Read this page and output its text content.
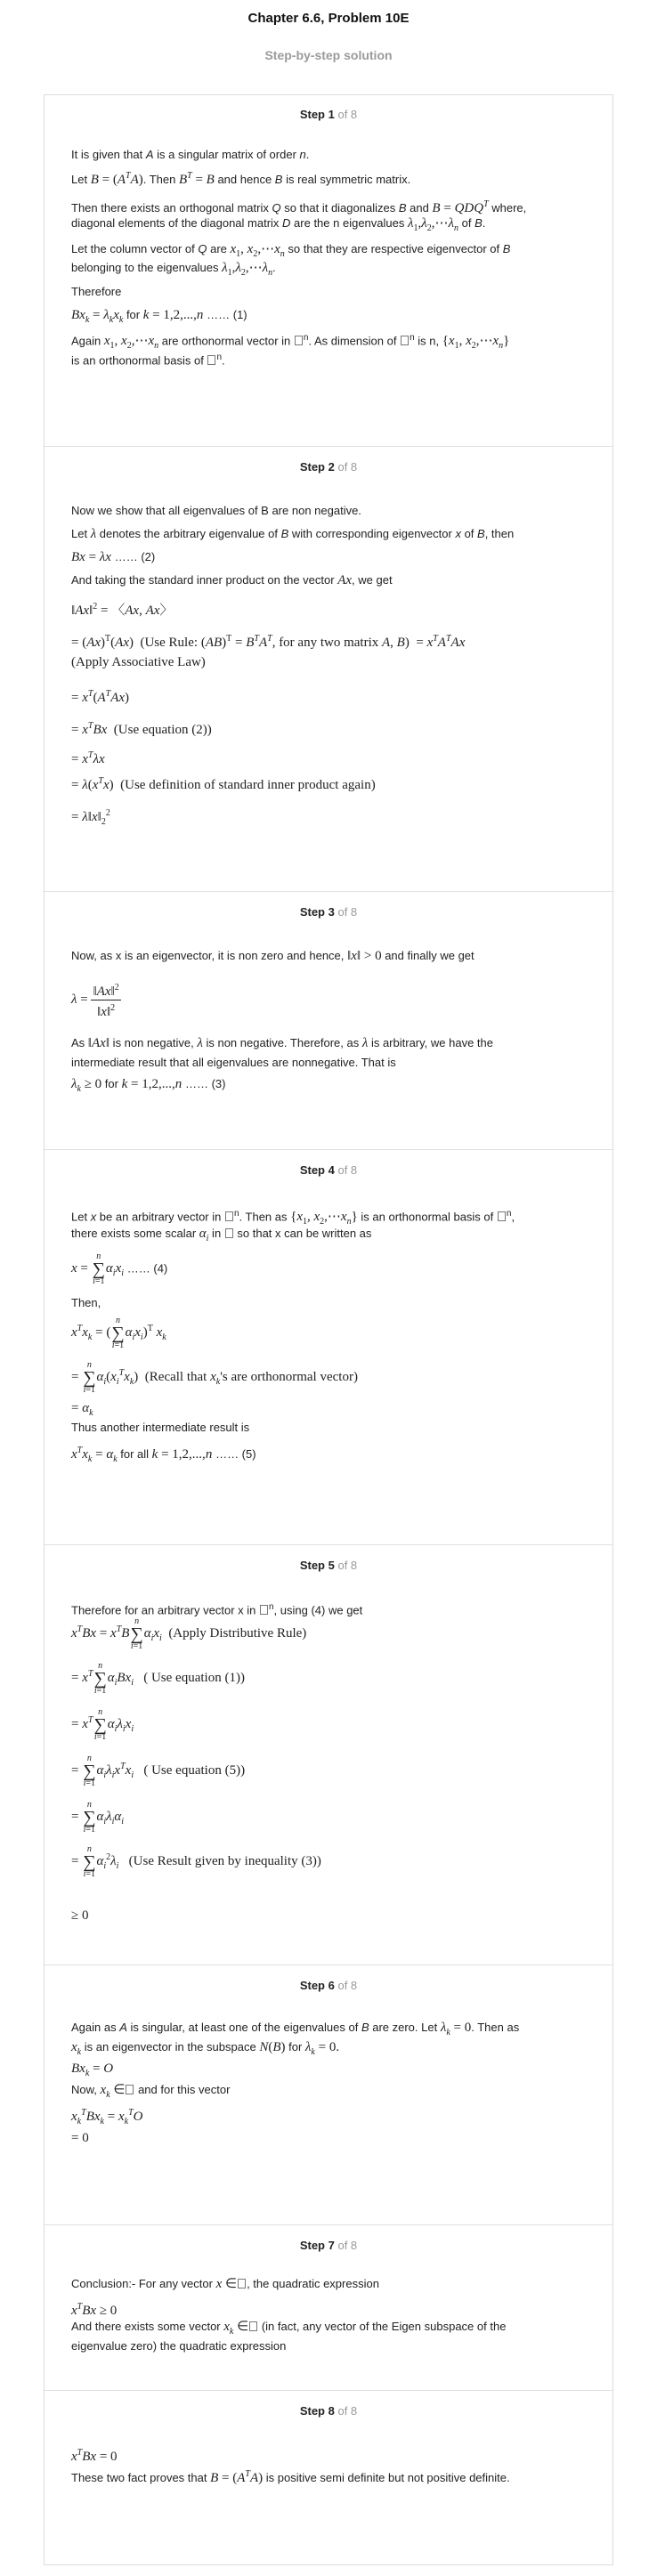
Chapter 6.6, Problem 10E
Step-by-step solution
Step 1 of 8
It is given that A is a singular matrix of order n.
Let $B = (A^TA)$. Then $B^T = B$ and hence B is real symmetric matrix.
Then there exists an orthogonal matrix Q so that it diagonalizes B and $B = QDQ^T$ where,
diagonal elements of the diagonal matrix D are the n eigenvalues $\lambda_1,\lambda_2,\cdots\lambda_n$ of B.
Let the column vector of Q are $x_1$, $x_2,\cdots x_n$ so that they are respective eigenvector of B
belonging to the eigenvalues $\lambda_1,\lambda_2,\cdots\lambda_n$.
Therefore
$Bx_k = \lambda_kx_k$ for k = 1,2,...,n …… (1)
Again $x_1$, $x_2,\cdots x_n$ are orthonormal vector in $^n$. As dimension of $^n$ is n, {$x_1$, $x_2,\cdots x_n$}
is an orthonormal basis of $^n$.
Step 2 of 8
Now we show that all eigenvalues of B are non negative.
Let λ denotes the arbitrary eigenvalue of B with corresponding eigenvector x of B, then
Bx = λx …… (2)
And taking the standard inner product on the vector Ax, we get
‖Ax‖$^2$ = 〈Ax, Ax〉
= $(Ax)^T(Ax)$  (Use Rule: $(AB)^T = B^TA^T$, for any two matrix A, $B) = x^TA^TAx$
(Apply Associative Law)
= $x^T(A^TAx)$
= $x^TBx$ (Use equation (2))
= $x^T\lambda x$
= $\lambda(x^Tx)$  (Use definition of standard inner product again)
= $\lambda‖x‖_2^2$
Step 3 of 8
Now, as x is an eigenvector, it is non zero and hence, ‖x‖ > 0 and finally we get
$\lambda = \frac{‖Ax‖^2}{‖x‖^2}$
As ‖Ax‖ is non negative, λ is non negative. Therefore, as λ is arbitrary, we have the
intermediate result that all eigenvalues are nonnegative. That is
$\lambda_k \ge 0$ for k = 1,2,...,n …… (3)
Step 4 of 8
Let x be an arbitrary vector in $^n$. Then as {$x_1$, $x_2,\cdots x_n$} is an orthonormal basis of $^n$,
there exists some scalar $\alpha_i$ in  so that x can be written as
x = n
∑
$i=1\alpha_ix_i$ …… (4)
Then,
$x^Tx_k = (n$
∑
$i=1\alpha_ix_i)^T$ $x_k$
= n
∑
$i=1\alpha_i(x_i^Tx_k)$  (Recall that $x_k's$ are orthonormal vector)
= $\alpha_k$
Thus another intermediate result is
$x^Tx_k = \alpha_k$ for all k = 1,2,...,n …… (5)
Step 5 of 8
Therefore for an arbitrary vector x in $^n$, using (4) we get
$x^TBx = x^TBn$
∑
$i=1\alpha_ix_i$ (Apply Distributive Rule)
= $x^Tn$
∑
$i=1\alpha_iBx_i$ ( Use equation (1))
= $x^Tn$
∑
$i=1\alpha_i\lambda_ix_i$
= n
∑
$i=1\alpha_i\lambda_ix^Tx_i$ ( Use equation (5))
= n
∑
$i=1\alpha_i\lambda_i\alpha_i$
= n
∑
$i=1\alpha_i^2\lambda_i$ (Use Result given by inequality (3))
≥ 0
Step 6 of 8
Again as A is singular, at least one of the eigenvalues of B are zero. Let $\lambda_k = 0$. Then as
$x_k$ is an eigenvector in the subspace N(B) for $\lambda_k = 0$.
$Bx_k = O$
Now, $x_k$ ∈ and for this vector
$x_k^TBx_k = x_k^TO$
= 0
Step 7 of 8
Conclusion:- For any vector x ∈ , the quadratic expression
$x^TBx \ge 0$
And there exists some vector $x_k$ ∈ (in fact, any vector of the Eigen subspace of the
eigenvalue zero) the quadratic expression
Step 8 of 8
$x^TBx = 0$
These two fact proves that $B = (A^TA)$ is positive semi definite but not positive definite.
